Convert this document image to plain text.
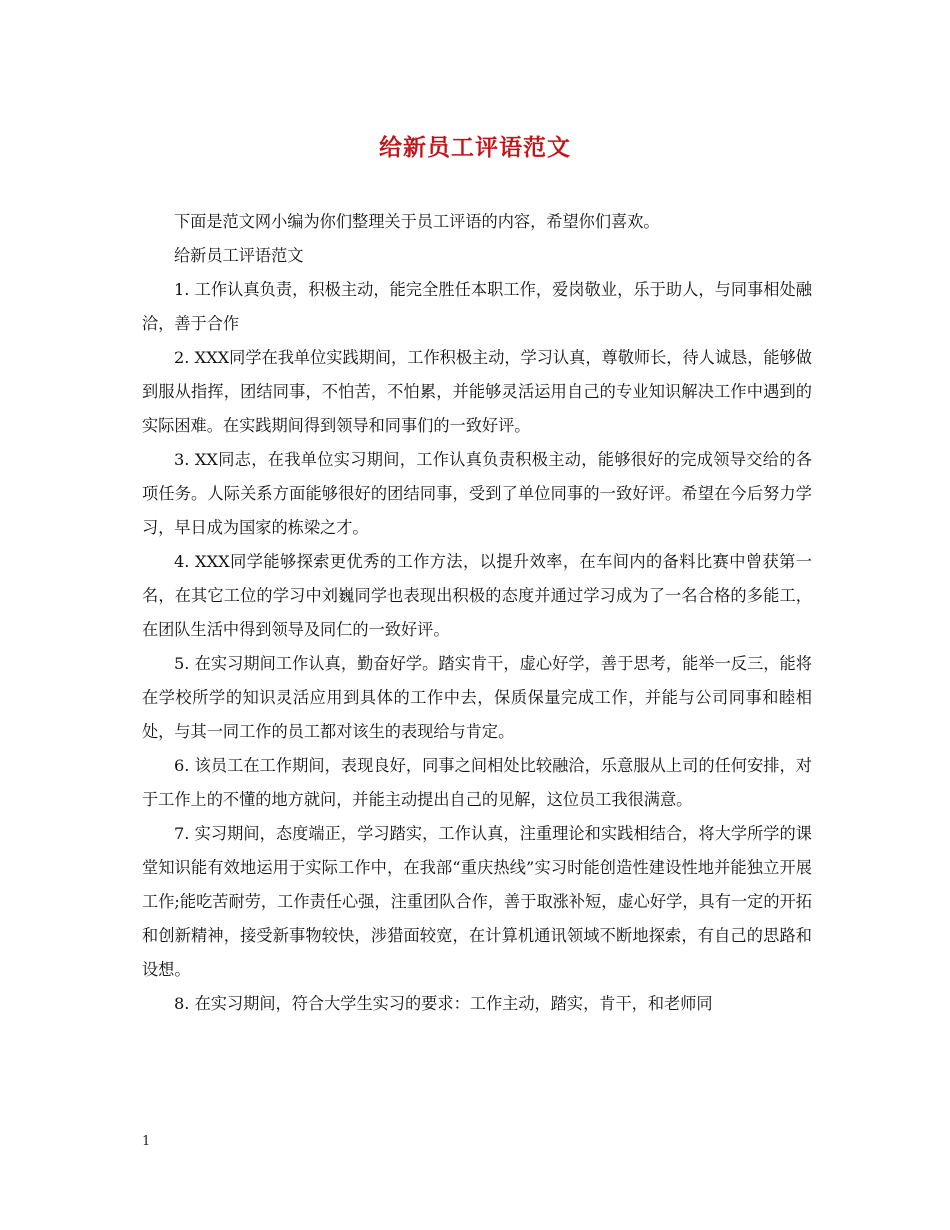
给新员工评语范文

下面是范文网小编为你们整理关于员工评语的内容，希望你们喜欢。

给新员工评语范文

1. 工作认真负责，积极主动，能完全胜任本职工作，爱岗敬业，乐于助人，与同事相处融洽，善于合作

2. XXX同学在我单位实践期间，工作积极主动，学习认真，尊敬师长，待人诚恳，能够做到服从指挥，团结同事，不怕苦，不怕累，并能够灵活运用自己的专业知识解决工作中遇到的实际困难。在实践期间得到领导和同事们的一致好评。

3. XX同志，在我单位实习期间，工作认真负责积极主动，能够很好的完成领导交给的各项任务。人际关系方面能够很好的团结同事，受到了单位同事的一致好评。希望在今后努力学习，早日成为国家的栋梁之才。

4. XXX同学能够探索更优秀的工作方法，以提升效率，在车间内的备料比赛中曾获第一名，在其它工位的学习中刘巍同学也表现出积极的态度并通过学习成为了一名合格的多能工，在团队生活中得到领导及同仁的一致好评。

5. 在实习期间工作认真，勤奋好学。踏实肯干，虚心好学，善于思考，能举一反三，能将在学校所学的知识灵活应用到具体的工作中去，保质保量完成工作，并能与公司同事和睦相处，与其一同工作的员工都对该生的表现给与肯定。

6. 该员工在工作期间，表现良好，同事之间相处比较融洽，乐意服从上司的任何安排，对于工作上的不懂的地方就问，并能主动提出自己的见解，这位员工我很满意。

7. 实习期间，态度端正，学习踏实，工作认真，注重理论和实践相结合，将大学所学的课堂知识能有效地运用于实际工作中，在我部“重庆热线”实习时能创造性建设性地并能独立开展工作;能吃苦耐劳，工作责任心强，注重团队合作，善于取涨补短，虚心好学，具有一定的开拓和创新精神，接受新事物较快，涉猎面较宽，在计算机通讯领域不断地探索，有自己的思路和设想。

8. 在实习期间，符合大学生实习的要求：工作主动，踏实，肯干，和老师同

1
